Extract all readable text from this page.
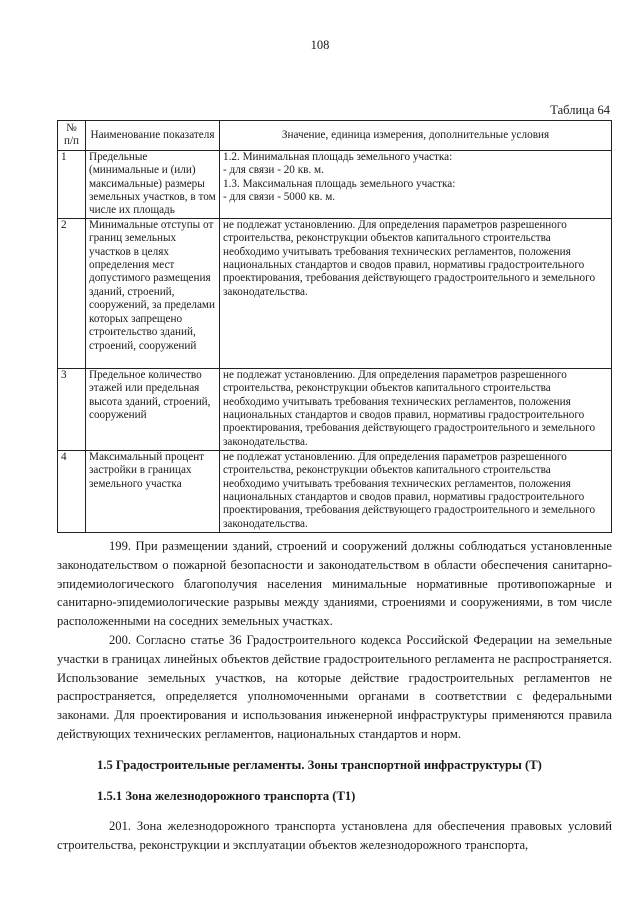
108
Таблица 64
№ п/п	Наименование показателя	Значение, единица измерения, дополнительные условия
1	Предельные (минимальные и (или) максимальные) размеры земельных участков, в том числе их площадь	1.2. Минимальная площадь земельного участка:
- для связи - 20 кв. м.
1.3. Максимальная площадь земельного участка:
- для связи - 5000 кв. м.
2	Минимальные отступы от границ земельных участков в целях определения мест допустимого размещения зданий, строений, сооружений, за пределами которых запрещено строительство зданий, строений, сооружений	не подлежат установлению. Для определения параметров разрешенного строительства, реконструкции объектов капитального строительства необходимо учитывать требования технических регламентов, положения национальных стандартов и сводов правил, нормативы градостроительного проектирования, требования действующего градостроительного и земельного законодательства.
3	Предельное количество этажей или предельная высота зданий, строений, сооружений	не подлежат установлению. Для определения параметров разрешенного строительства, реконструкции объектов капитального строительства необходимо учитывать требования технических регламентов, положения национальных стандартов и сводов правил, нормативы градостроительного проектирования, требования действующего градостроительного и земельного законодательства.
4	Максимальный процент застройки в границах земельного участка	не подлежат установлению. Для определения параметров разрешенного строительства, реконструкции объектов капитального строительства необходимо учитывать требования технических регламентов, положения национальных стандартов и сводов правил, нормативы градостроительного проектирования, требования действующего градостроительного и земельного законодательства.

199. При размещении зданий, строений и сооружений должны соблюдаться установленные законодательством о пожарной безопасности и законодательством в области обеспечения санитарно-эпидемиологического благополучия населения минимальные нормативные противопожарные и санитарно-эпидемиологические разрывы между зданиями, строениями и сооружениями, в том числе расположенными на соседних земельных участках.

200. Согласно статье 36 Градостроительного кодекса Российской Федерации на земельные участки в границах линейных объектов действие градостроительного регламента не распространяется. Использование земельных участков, на которые действие градостроительных регламентов не распространяется, определяется уполномоченными органами в соответствии с федеральными законами. Для проектирования и использования инженерной инфраструктуры применяются правила действующих технических регламентов, национальных стандартов и норм.

1.5 Градостроительные регламенты. Зоны транспортной инфраструктуры (Т)

1.5.1 Зона железнодорожного транспорта (Т1)

201. Зона железнодорожного транспорта установлена для обеспечения правовых условий строительства, реконструкции и эксплуатации объектов железнодорожного транспорта,
